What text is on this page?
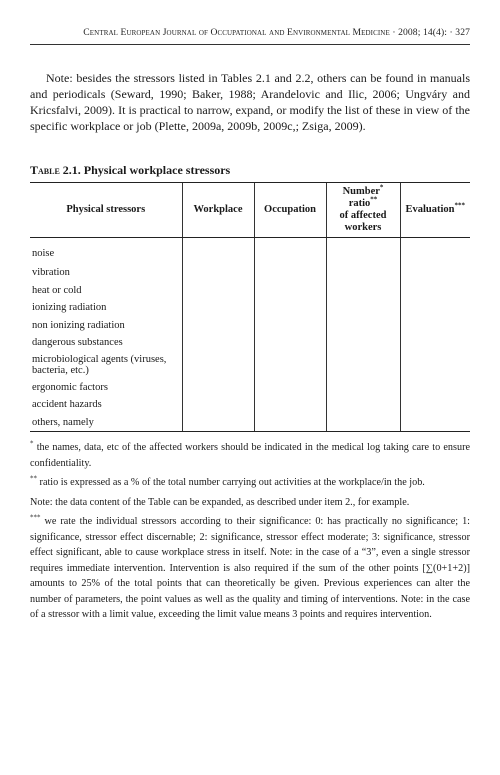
Central European Journal of Occupational and Environmental Medicine · 2008; 14(4): · 327

Note: besides the stressors listed in Tables 2.1 and 2.2, others can be found in manuals and periodicals (Seward, 1990; Baker, 1988; Arandelovic and Ilic, 2006; Ungváry and Kricsfalvi, 2009). It is practical to narrow, expand, or modify the list of these in view of the specific workplace or job (Plette, 2009a, 2009b, 2009c,; Zsiga, 2009).

Table 2.1. Physical workplace stressors

Physical stressors	Workplace	Occupation	Number*
ratio**
of affected workers	Evaluation***
noise				
vibration				
heat or cold				
ionizing radiation				
non ionizing radiation				
dangerous substances				
microbiological agents (viruses, bacteria, etc.)				
ergonomic factors				
accident hazards				
others, namely				

* the names, data, etc of the affected workers should be indicated in the medical log taking care to ensure confidentiality.

** ratio is expressed as a % of the total number carrying out activities at the workplace/in the job.

Note: the data content of the Table can be expanded, as described under item 2., for example.

*** we rate the individual stressors according to their significance: 0: has practically no significance; 1: significance, stressor effect discernable; 2: significance, stressor effect moderate; 3: significance, stressor effect significant, able to cause workplace stress in itself. Note: in the case of a “3”, even a single stressor requires immediate intervention. Intervention is also required if the sum of the other points [∑(0+1+2)] amounts to 25% of the total points that can theoretically be given. Previous experiences can alter the number of parameters, the point values as well as the quality and timing of interventions. Note: in the case of a stressor with a limit value, exceeding the limit value means 3 points and requires intervention.
